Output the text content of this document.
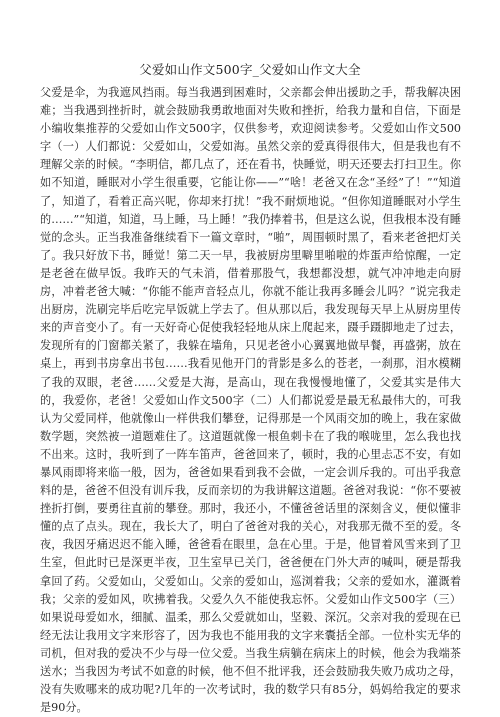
父爱如山作文500字_父爱如山作文大全
父爱是伞，为我遮风挡雨。每当我遇到困难时，父亲都会伸出援助之手，帮我解决困难；当我遇到挫折时，就会鼓励我勇敢地面对失败和挫折，给我力量和自信，下面是小编收集推荐的父爱如山作文500字，仅供参考，欢迎阅读参考。父爱如山作文500字（一）人们都说：父爱如山，父爱如海。虽然父亲的爱真得很伟大，但是我也有不理解父亲的时候。“李明信，都几点了，还在看书，快睡觉，明天还要去打扫卫生。你如不知道，睡眠对小学生很重要，它能让你——”“啥！老爸又在念“圣经”了！”“知道了，知道了，看着正高兴呢，你却来打扰！”我不耐烦地说。“但你知道睡眠对小学生的……”“知道，知道，马上睡，马上睡！”我仍捧着书，但是这么说，但我根本没有睡觉的念头。正当我准备继续看下一篇文章时，“啪”，周围顿时黑了，看来老爸把灯关了。我只好放下书，睡觉！第二天一早，我被厨房里噼里啪啦的炸蛋声给惊醒，一定是老爸在做早饭。我昨天的气未消，借着那股气，我想都没想，就气冲冲地走向厨房，冲着老爸大喊：“你能不能声音轻点儿，你就不能让我再多睡会儿吗？”说完我走出厨房，洗刷完毕后吃完早饭就上学去了。但从那以后，我发现每天早上从厨房里传来的声音变小了。有一天好奇心促使我轻轻地从床上爬起来，蹑手蹑脚地走了过去，发现所有的门窗都关紧了，我躲在墙角，只见老爸小心翼翼地做早餐，再盛粥，放在桌上，再到书房拿出书包……我看见他开门的背影是多么的苍老，一刹那，泪水模糊了我的双眼，老爸……父爱是大海，是高山，现在我慢慢地懂了，父爱其实是伟大的，我爱你，老爸！父爱如山作文500字（二）人们都说爱是最无私最伟大的，可我认为父爱同样，他就像山一样供我们攀登，记得那是一个风雨交加的晚上，我在家做数学题，突然被一道题难住了。这道题就像一根鱼刺卡在了我的喉咙里，怎么我也找不出来。这时，我听到了一阵车笛声，爸爸回来了，顿时，我的心里忐忑不安，有如暴风雨即将来临一般，因为，爸爸如果看到我不会做，一定会训斥我的。可出乎我意料的是，爸爸不但没有训斥我，反而亲切的为我讲解这道题。爸爸对我说：“你不要被挫折打倒，要勇往直前的攀登。那时，我还小，不懂爸爸话里的深刻含义，便似懂非懂的点了点头。现在，我长大了，明白了爸爸对我的关心，对我那无微不至的爱。冬夜，我因牙痛迟迟不能入睡，爸爸看在眼里，急在心里。于是，他冒着风雪来到了卫生室，但此时已是深更半夜，卫生室早已关门，爸爸便在门外大声的喊叫，硬是帮我拿回了药。父爱如山，父爱如山。父亲的爱如山，巡浏着我；父亲的爱如水，灌溉着我；父亲的爱如风，吹拂着我。父爱久久不能使我忘怀。父爱如山作文500字（三）如果说母爱如水，细腻、温柔，那么父爱就如山，坚毅、深沉。父亲对我的爱现在已经无法让我用文字来形容了，因为我也不能用我的文字来囊括全部。一位朴实无华的司机，但对我的爱决不少与母一位父爱。当我生病躺在病床上的时候，他会为我端茶送水；当我因为考试不如意的时候，他不但不批评我，还会鼓励我失败乃成功之母，没有失败哪来的成功呢?几年的一次考试时，我的数学只有85分，妈妈给我定的要求是90分。
